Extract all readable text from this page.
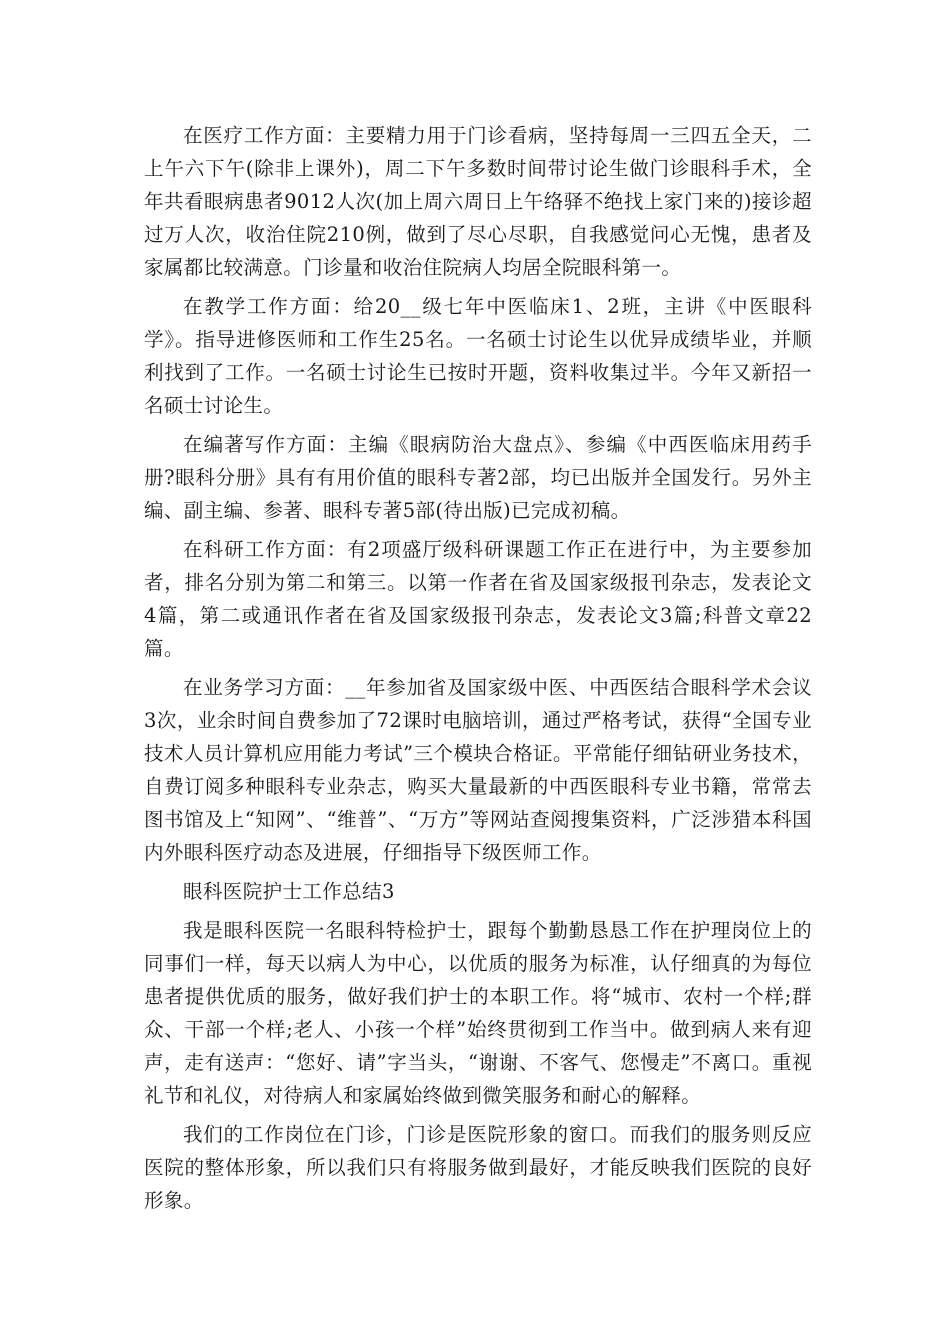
在医疗工作方面：主要精力用于门诊看病，坚持每周一三四五全天，二上午六下午(除非上课外)，周二下午多数时间带讨论生做门诊眼科手术，全年共看眼病患者9012人次(加上周六周日上午络驿不绝找上家门来的)接诊超过万人次，收治住院210例，做到了尽心尽职，自我感觉问心无愧，患者及家属都比较满意。门诊量和收治住院病人均居全院眼科第一。

在教学工作方面：给20__级七年中医临床1、2班，主讲《中医眼科学》。指导进修医师和工作生25名。一名硕士讨论生以优异成绩毕业，并顺利找到了工作。一名硕士讨论生已按时开题，资料收集过半。今年又新招一名硕士讨论生。

在编著写作方面：主编《眼病防治大盘点》、参编《中西医临床用药手册?眼科分册》具有有用价值的眼科专著2部，均已出版并全国发行。另外主编、副主编、参著、眼科专著5部(待出版)已完成初稿。

在科研工作方面：有2项盛厅级科研课题工作正在进行中，为主要参加者，排名分别为第二和第三。以第一作者在省及国家级报刊杂志，发表论文4篇，第二或通讯作者在省及国家级报刊杂志，发表论文3篇;科普文章22篇。

在业务学习方面：__年参加省及国家级中医、中西医结合眼科学术会议3次，业余时间自费参加了72课时电脑培训，通过严格考试，获得“全国专业技术人员计算机应用能力考试”三个模块合格证。平常能仔细钻研业务技术，自费订阅多种眼科专业杂志，购买大量最新的中西医眼科专业书籍，常常去图书馆及上“知网”、“维普”、“万方”等网站查阅搜集资料，广泛涉猎本科国内外眼科医疗动态及进展，仔细指导下级医师工作。

眼科医院护士工作总结3

我是眼科医院一名眼科特检护士，跟每个勤勤恳恳工作在护理岗位上的同事们一样，每天以病人为中心，以优质的服务为标准，认仔细真的为每位患者提供优质的服务，做好我们护士的本职工作。将“城市、农村一个样;群众、干部一个样;老人、小孩一个样”始终贯彻到工作当中。做到病人来有迎声，走有送声：“您好、请”字当头，“谢谢、不客气、您慢走”不离口。重视礼节和礼仪，对待病人和家属始终做到微笑服务和耐心的解释。

我们的工作岗位在门诊，门诊是医院形象的窗口。而我们的服务则反应医院的整体形象，所以我们只有将服务做到最好，才能反映我们医院的良好形象。
